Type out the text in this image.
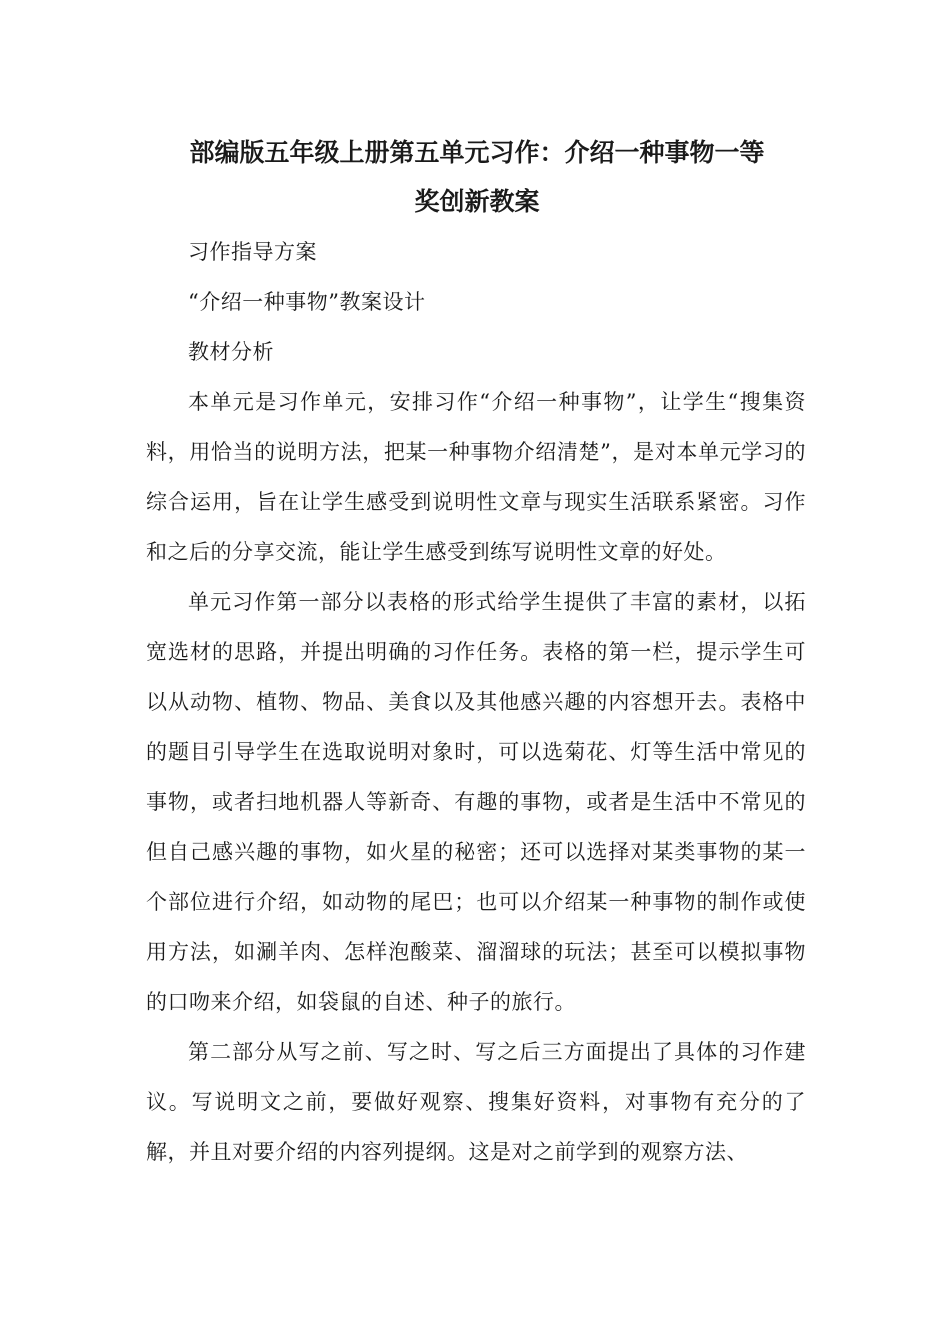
部编版五年级上册第五单元习作：介绍一种事物一等
奖创新教案

习作指导方案

“介绍一种事物”教案设计

教材分析

本单元是习作单元，安排习作“介绍一种事物”，让学生“搜集资料，用恰当的说明方法，把某一种事物介绍清楚”，是对本单元学习的综合运用，旨在让学生感受到说明性文章与现实生活联系紧密。习作和之后的分享交流，能让学生感受到练写说明性文章的好处。

单元习作第一部分以表格的形式给学生提供了丰富的素材，以拓宽选材的思路，并提出明确的习作任务。表格的第一栏，提示学生可以从动物、植物、物品、美食以及其他感兴趣的内容想开去。表格中的题目引导学生在选取说明对象时，可以选菊花、灯等生活中常见的事物，或者扫地机器人等新奇、有趣的事物，或者是生活中不常见的但自己感兴趣的事物，如火星的秘密；还可以选择对某类事物的某一个部位进行介绍，如动物的尾巴；也可以介绍某一种事物的制作或使用方法，如涮羊肉、怎样泡酸菜、溜溜球的玩法；甚至可以模拟事物的口吻来介绍，如袋鼠的自述、种子的旅行。

第二部分从写之前、写之时、写之后三方面提出了具体的习作建议。写说明文之前，要做好观察、搜集好资料，对事物有充分的了解，并且对要介绍的内容列提纲。这是对之前学到的观察方法、
